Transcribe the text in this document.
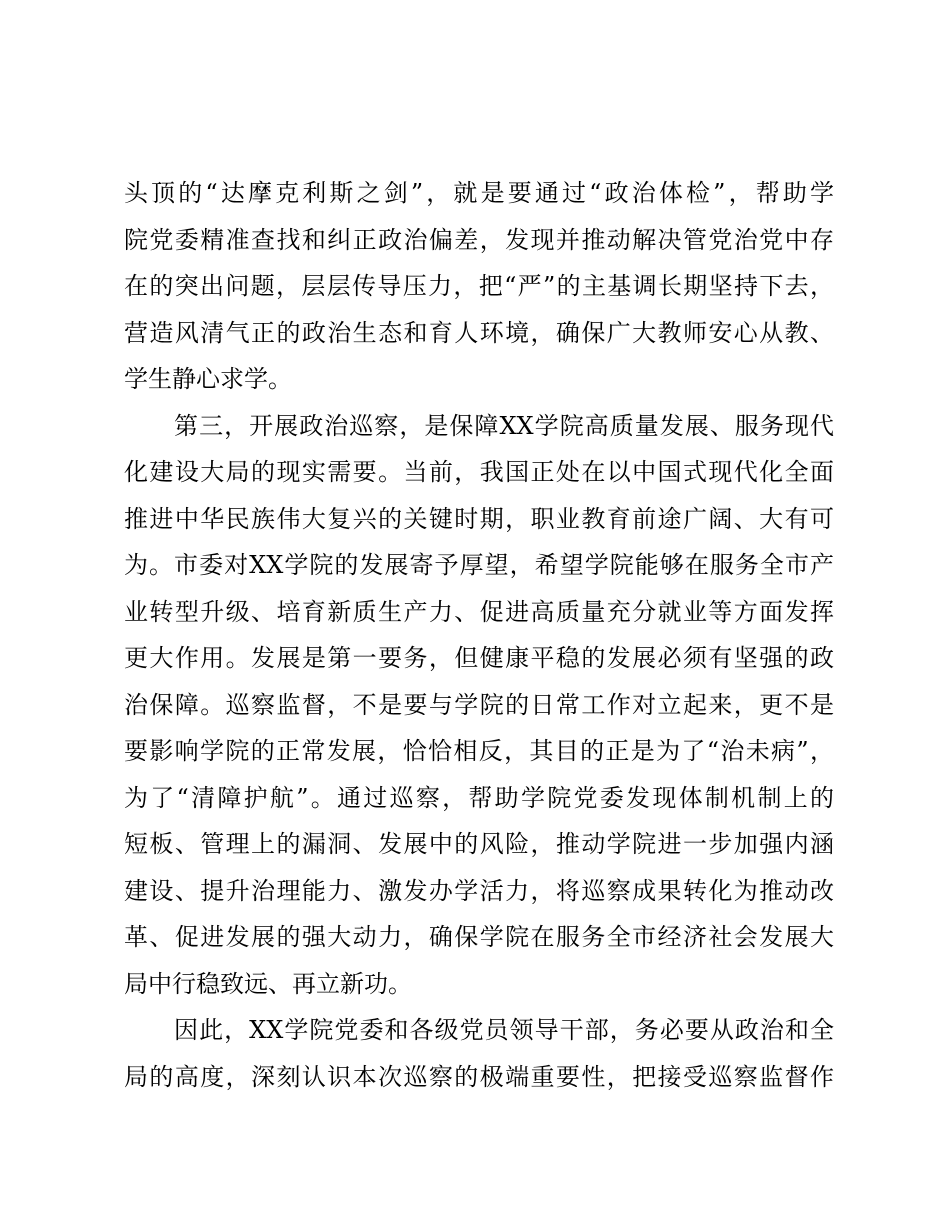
头顶的“达摩克利斯之剑”，就是要通过“政治体检”，帮助学
院党委精准查找和纠正政治偏差，发现并推动解决管党治党中存
在的突出问题，层层传导压力，把“严”的主基调长期坚持下去，
营造风清气正的政治生态和育人环境，确保广大教师安心从教、
学生静心求学。
　　第三，开展政治巡察，是保障XX学院高质量发展、服务现代
化建设大局的现实需要。当前，我国正处在以中国式现代化全面
推进中华民族伟大复兴的关键时期，职业教育前途广阔、大有可
为。市委对XX学院的发展寄予厚望，希望学院能够在服务全市产
业转型升级、培育新质生产力、促进高质量充分就业等方面发挥
更大作用。发展是第一要务，但健康平稳的发展必须有坚强的政
治保障。巡察监督，不是要与学院的日常工作对立起来，更不是
要影响学院的正常发展，恰恰相反，其目的正是为了“治未病”，
为了“清障护航”。通过巡察，帮助学院党委发现体制机制上的
短板、管理上的漏洞、发展中的风险，推动学院进一步加强内涵
建设、提升治理能力、激发办学活力，将巡察成果转化为推动改
革、促进发展的强大动力，确保学院在服务全市经济社会发展大
局中行稳致远、再立新功。
　　因此，XX学院党委和各级党员领导干部，务必要从政治和全
局的高度，深刻认识本次巡察的极端重要性，把接受巡察监督作
